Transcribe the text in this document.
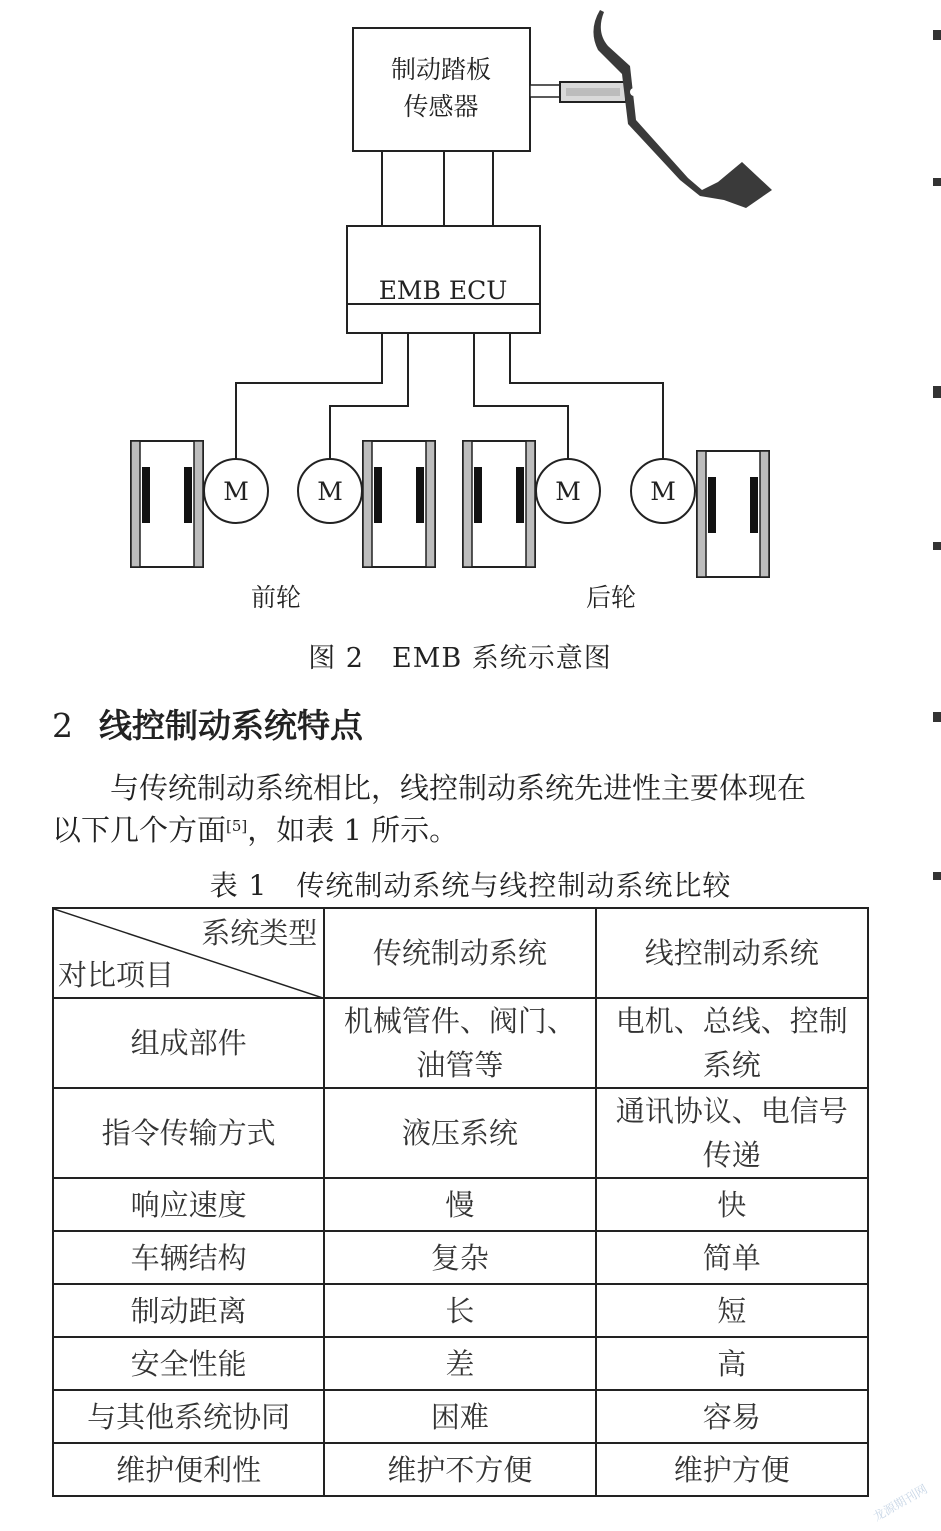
制动踏板
传感器
EMB ECU
M	M	M	M
前轮	后轮
图 2　EMB 系统示意图
2 线控制动系统特点
与传统制动系统相比，线控制动系统先进性主要体现在
以下几个方面[5]，如表 1 所示。
表 1　传统制动系统与线控制动系统比较
系统类型
对比项目	传统制动系统	线控制动系统
组成部件	机械管件、阀门、油管等	电机、总线、控制系统
指令传输方式	液压系统	通讯协议、电信号传递
响应速度	慢	快
车辆结构	复杂	简单
制动距离	长	短
安全性能	差	高
与其他系统协同	困难	容易
维护便利性	维护不方便	维护方便
龙源期刊网
